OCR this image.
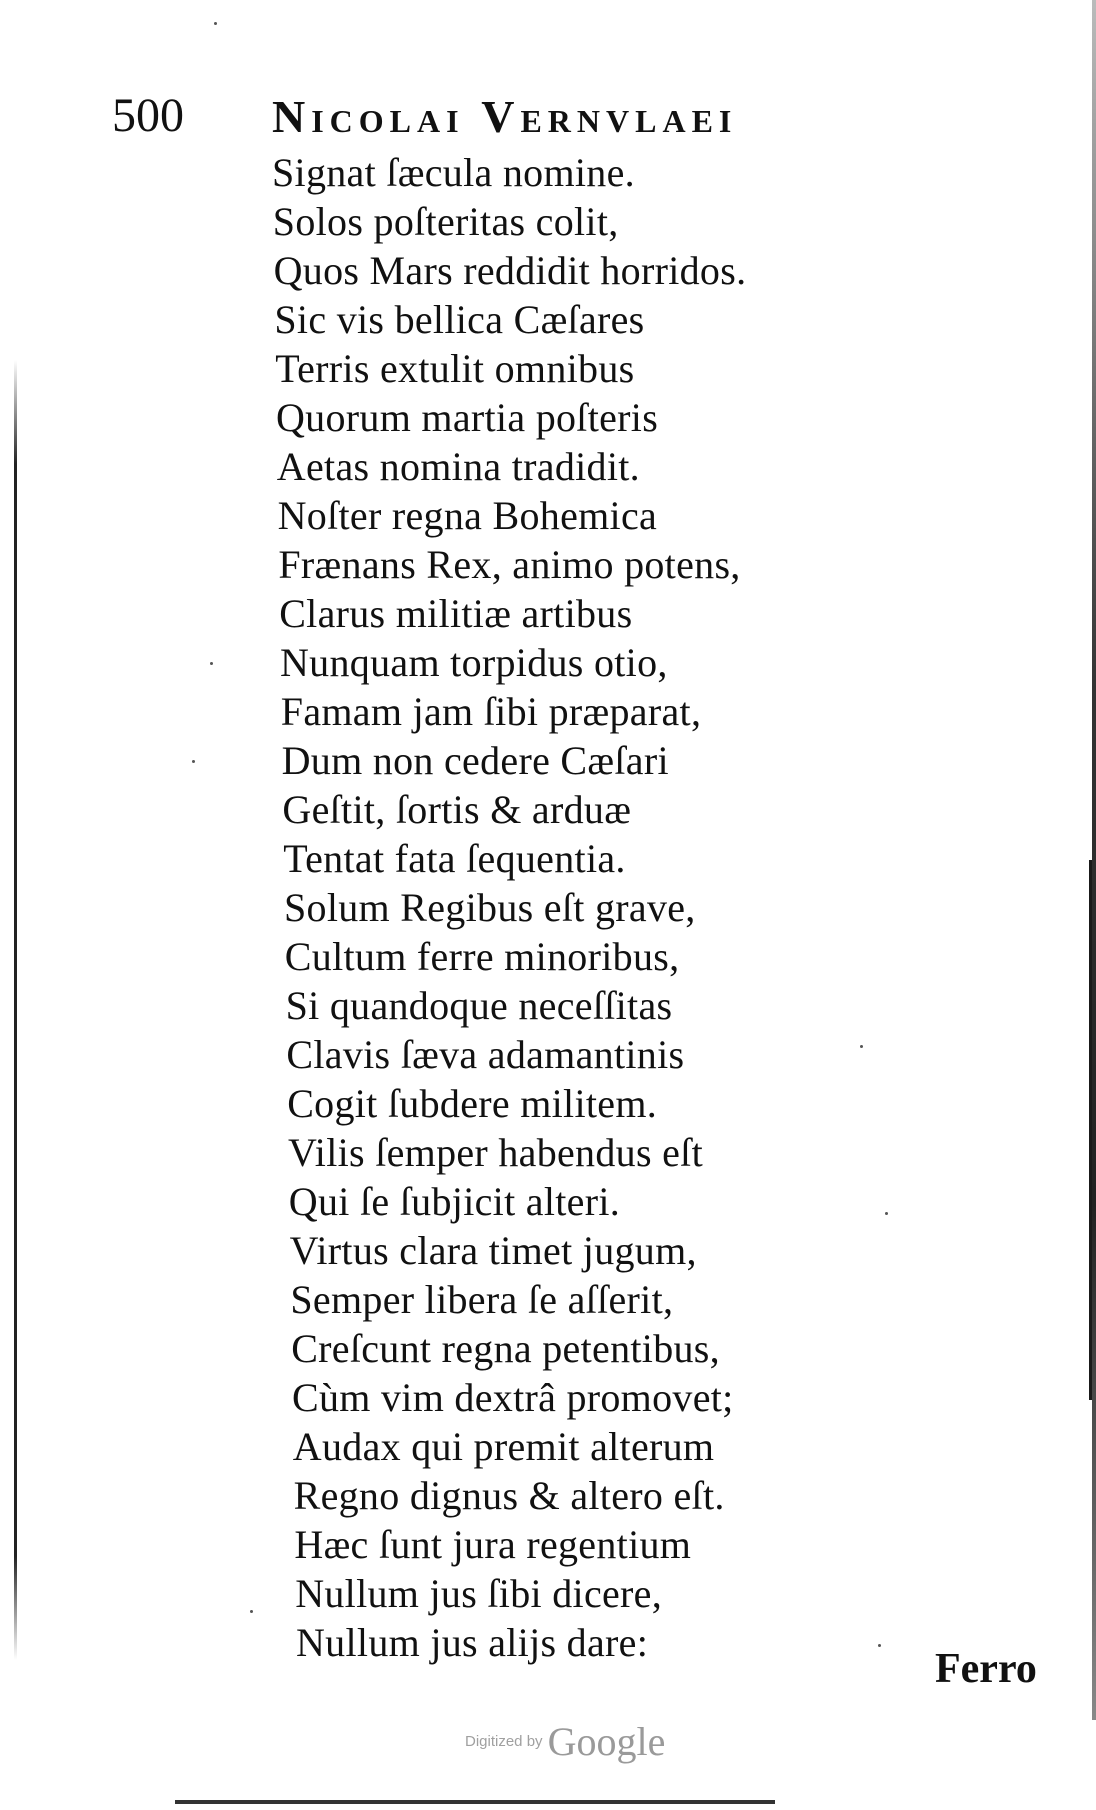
500 Nicolai Vernvlaei
Signat ſæcula nomine.
Solos poſteritas colit,
Quos Mars reddidit horridos.
Sic vis bellica Cæſares
Terris extulit omnibus
Quorum martia poſteris
Aetas nomina tradidit.
Noſter regna Bohemica
Frænans Rex, animo potens,
Clarus militiæ artibus
Nunquam torpidus otio,
Famam jam ſibi præparat,
Dum non cedere Cæſari
Geſtit, ſortis & arduæ
Tentat fata ſequentia.
Solum Regibus eſt grave,
Cultum ferre minoribus,
Si quandoque neceſſitas
Clavis ſæva adamantinis
Cogit ſubdere militem.
Vilis ſemper habendus eſt
Qui ſe ſubjicit alteri.
Virtus clara timet jugum,
Semper libera ſe aſſerit,
Creſcunt regna petentibus,
Cùm vim dextrâ promovet;
Audax qui premit alterum
Regno dignus & altero eſt.
Hæc ſunt jura regentium
Nullum jus ſibi dicere,
Nullum jus alijs dare:
Ferro
Digitized by Google
